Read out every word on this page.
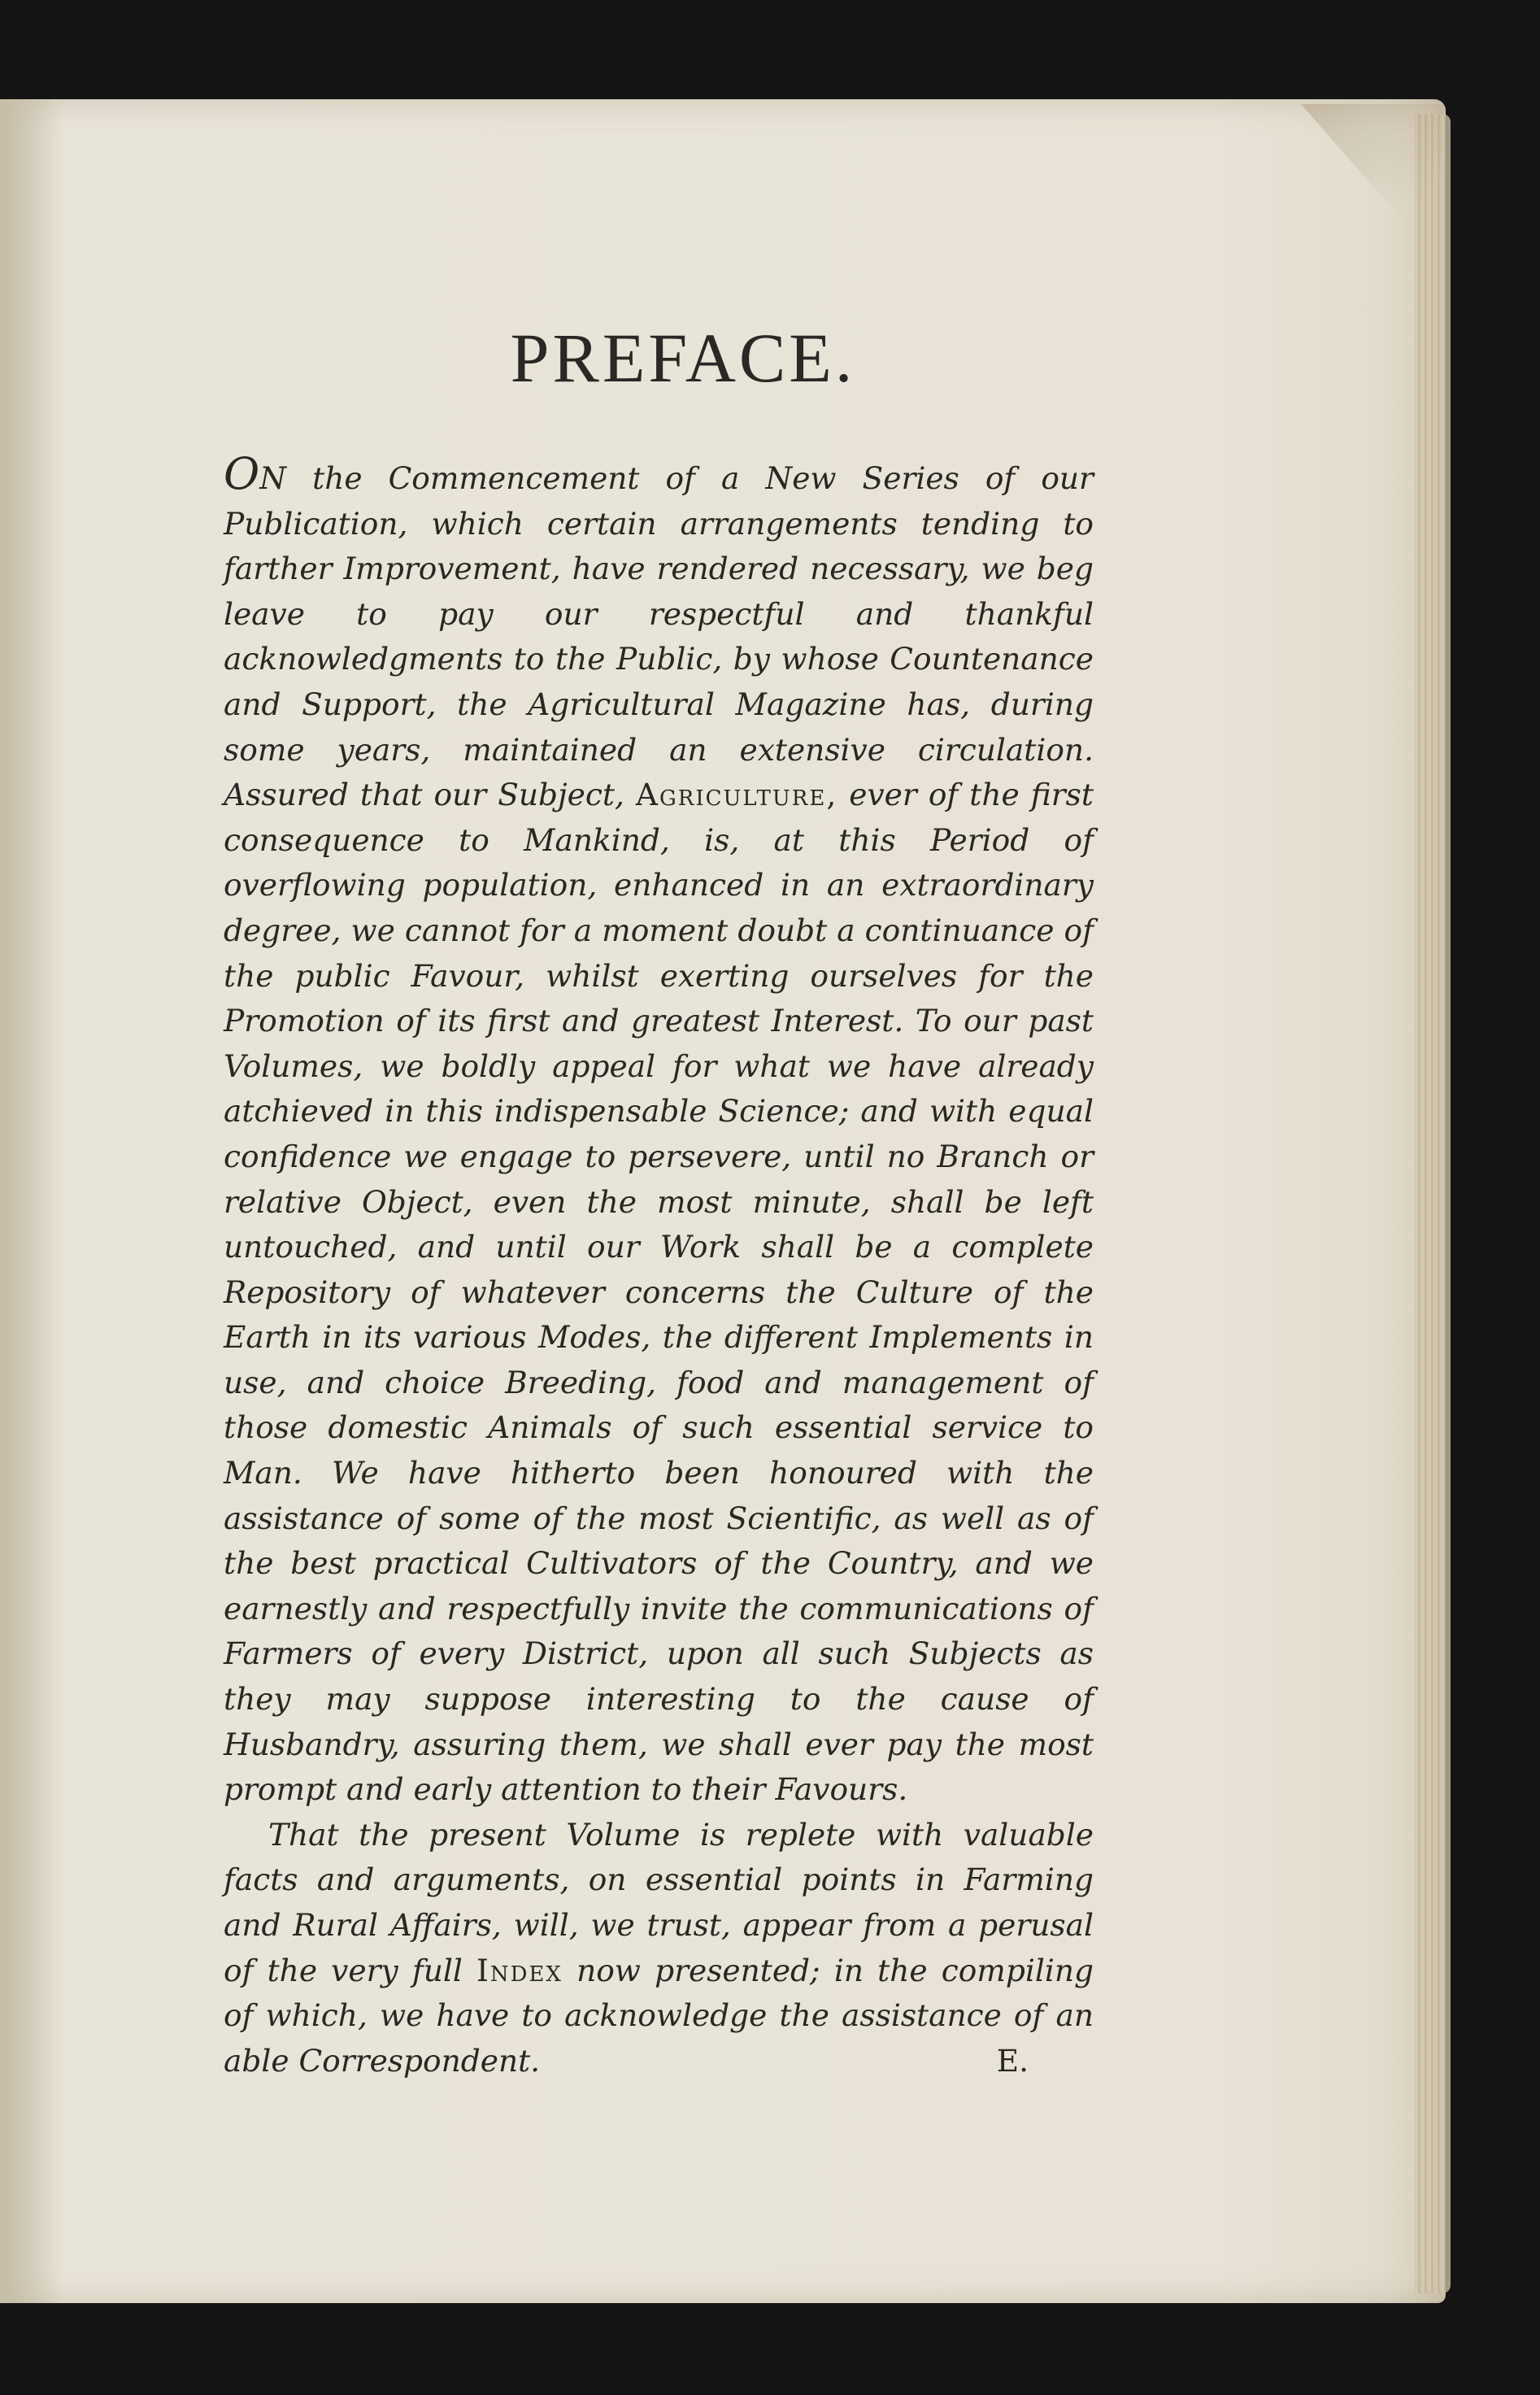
PREFACE.

ON the Commencement of a New Series of our Publication, which certain arrangements tending to farther Improvement, have rendered necessary, we beg leave to pay our respectful and thankful acknowledgments to the Public, by whose Countenance and Support, the Agricultural Magazine has, during some years, maintained an extensive circulation. Assured that our Subject, Agriculture, ever of the first consequence to Mankind, is, at this Period of overflowing population, enhanced in an extraordinary degree, we cannot for a moment doubt a continuance of the public Favour, whilst exerting ourselves for the Promotion of its first and greatest Interest. To our past Volumes, we boldly appeal for what we have already atchieved in this indispensable Science; and with equal confidence we engage to persevere, until no Branch or relative Object, even the most minute, shall be left untouched, and until our Work shall be a complete Repository of whatever concerns the Culture of the Earth in its various Modes, the different Implements in use, and choice Breeding, food and management of those domestic Animals of such essential service to Man. We have hitherto been honoured with the assistance of some of the most Scientific, as well as of the best practical Cultivators of the Country, and we earnestly and respectfully invite the communications of Farmers of every District, upon all such Subjects as they may suppose interesting to the cause of Husbandry, assuring them, we shall ever pay the most prompt and early attention to their Favours.

That the present Volume is replete with valuable facts and arguments, on essential points in Farming and Rural Affairs, will, we trust, appear from a perusal of the very full Index now presented; in the compiling of which, we have to acknowledge the assistance of an able Correspondent.	E.
